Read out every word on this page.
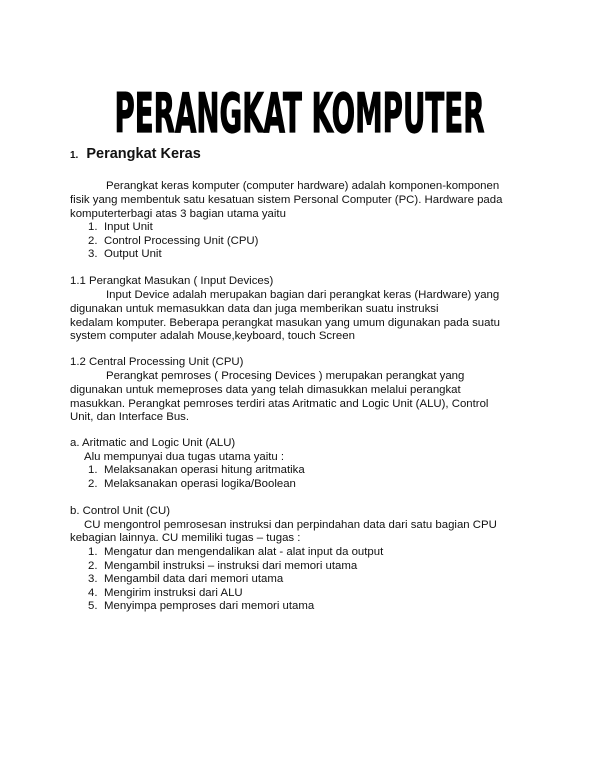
PERANGKAT KOMPUTER
1. Perangkat Keras
Perangkat keras komputer (computer hardware) adalah komponen-komponen
fisik yang membentuk satu kesatuan sistem Personal Computer (PC). Hardware pada
komputerterbagi atas 3 bagian utama yaitu
1. Input Unit
2. Control Processing Unit (CPU)
3. Output Unit
1.1 Perangkat Masukan ( Input Devices)
Input Device adalah merupakan bagian dari perangkat keras (Hardware) yang
digunakan untuk memasukkan data dan juga memberikan suatu instruksi
kedalam komputer. Beberapa perangkat masukan yang umum digunakan pada suatu
system computer adalah Mouse,keyboard, touch Screen
1.2 Central Processing Unit (CPU)
Perangkat pemroses ( Procesing Devices ) merupakan perangkat yang
digunakan untuk memeproses data yang telah dimasukkan melalui perangkat
masukkan. Perangkat pemroses terdiri atas Aritmatic and Logic Unit (ALU), Control
Unit, dan Interface Bus.
a. Aritmatic and Logic Unit (ALU)
Alu mempunyai dua tugas utama yaitu :
1. Melaksanakan operasi hitung aritmatika
2. Melaksanakan operasi logika/Boolean
b. Control Unit (CU)
CU mengontrol pemrosesan instruksi dan perpindahan data dari satu bagian CPU
kebagian lainnya. CU memiliki tugas – tugas :
1. Mengatur dan mengendalikan alat - alat input da output
2. Mengambil instruksi – instruksi dari memori utama
3. Mengambil data dari memori utama
4. Mengirim instruksi dari ALU
5. Menyimpa pemproses dari memori utama
